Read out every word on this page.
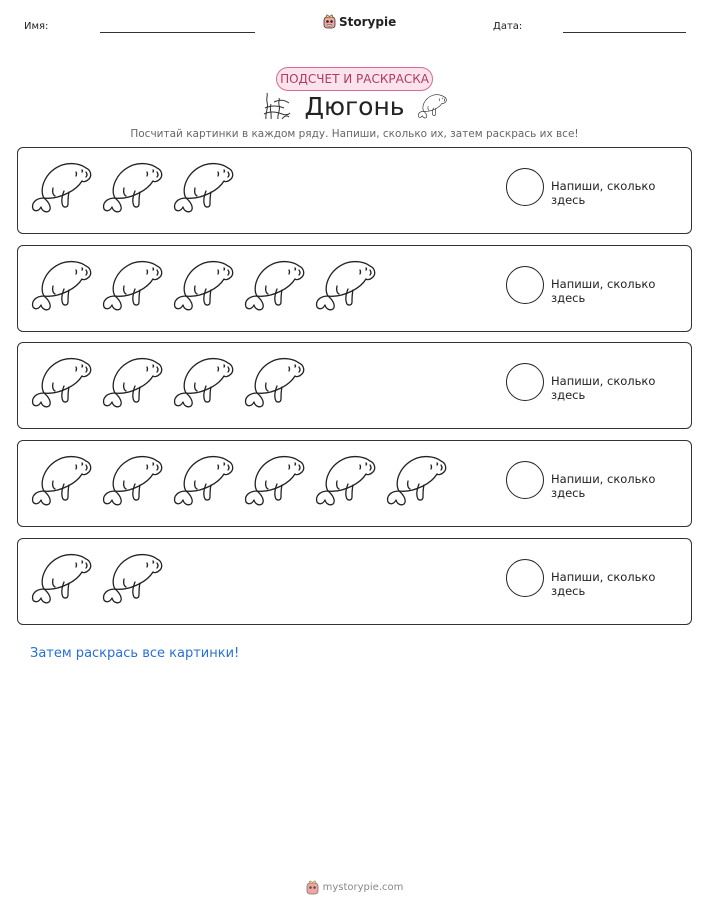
Имя:	Storypie	Дата:
ПОДСЧЕТ И РАСКРАСКА
Дюгонь
Посчитай картинки в каждом ряду. Напиши, сколько их, затем раскрась их все!
Напиши, сколько здесь
Напиши, сколько здесь
Напиши, сколько здесь
Напиши, сколько здесь
Напиши, сколько здесь
Затем раскрась все картинки!
mystorypie.com
